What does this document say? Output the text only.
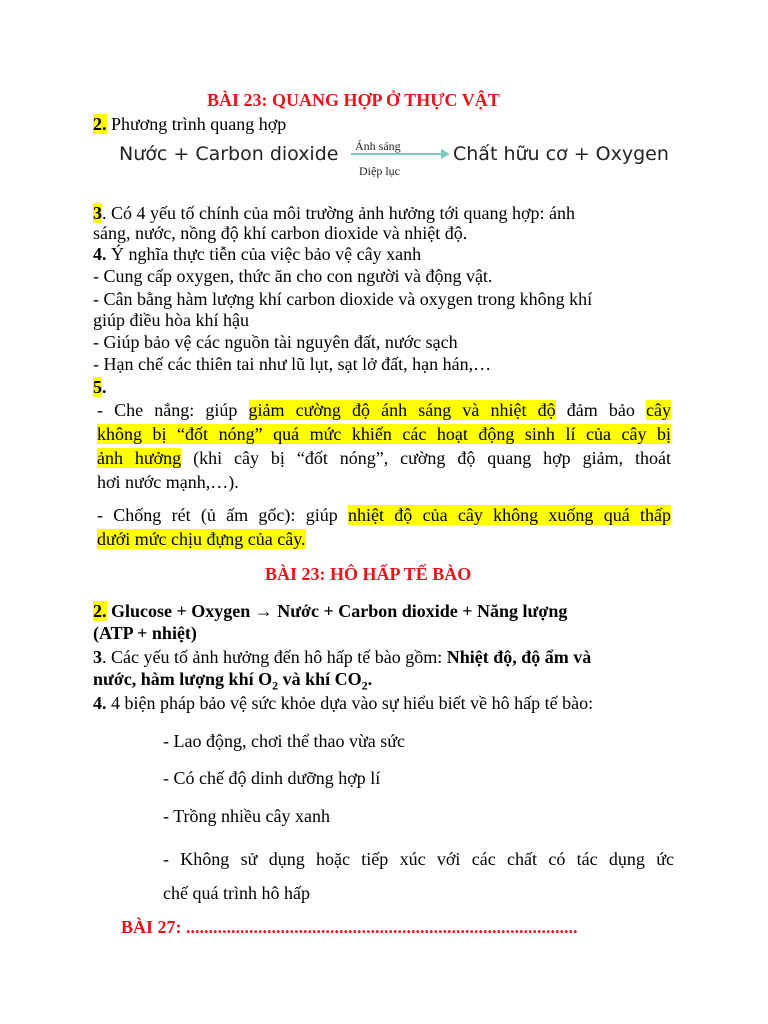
BÀI 23: QUANG HỢP Ở THỰC VẬT
2. Phương trình quang hợp
Nước + Carbon dioxide Ánh sáng
Diệp lục
Chất hữu cơ + Oxygen
3. Có 4 yếu tố chính của môi trường ảnh hưởng tới quang hợp: ánh
sáng, nước, nồng độ khí carbon dioxide và nhiệt độ.
4. Ý nghĩa thực tiễn của việc bảo vệ cây xanh
- Cung cấp oxygen, thức ăn cho con người và động vật.
- Cân bằng hàm lượng khí carbon dioxide và oxygen trong không khí
giúp điều hòa khí hậu
- Giúp bảo vệ các nguồn tài nguyên đất, nước sạch
- Hạn chế các thiên tai như lũ lụt, sạt lở đất, hạn hán,…
5.
- Che nắng: giúp giảm cường độ ánh sáng và nhiệt độ đảm bảo cây
không bị “đốt nóng” quá mức khiến các hoạt động sinh lí của cây bị
ảnh hưởng (khi cây bị “đốt nóng”, cường độ quang hợp giảm, thoát
hơi nước mạnh,…).
- Chống rét (ủ ấm gốc): giúp nhiệt độ của cây không xuống quá thấp
dưới mức chịu đựng của cây.
BÀI 23: HÔ HẤP TẾ BÀO
2. Glucose + Oxygen → Nước + Carbon dioxide + Năng lượng
(ATP + nhiệt)
3. Các yếu tố ảnh hưởng đến hô hấp tế bào gồm: Nhiệt độ, độ ẩm và
nước, hàm lượng khí $O_2$ và khí $CO_2$.
4. 4 biện pháp bảo vệ sức khỏe dựa vào sự hiểu biết về hô hấp tế bào:
- Lao động, chơi thể thao vừa sức
- Có chế độ dinh dưỡng hợp lí
- Trồng nhiều cây xanh
- Không sử dụng hoặc tiếp xúc với các chất có tác dụng ức
chế quá trình hô hấp
BÀI 27: .......................................................................................
